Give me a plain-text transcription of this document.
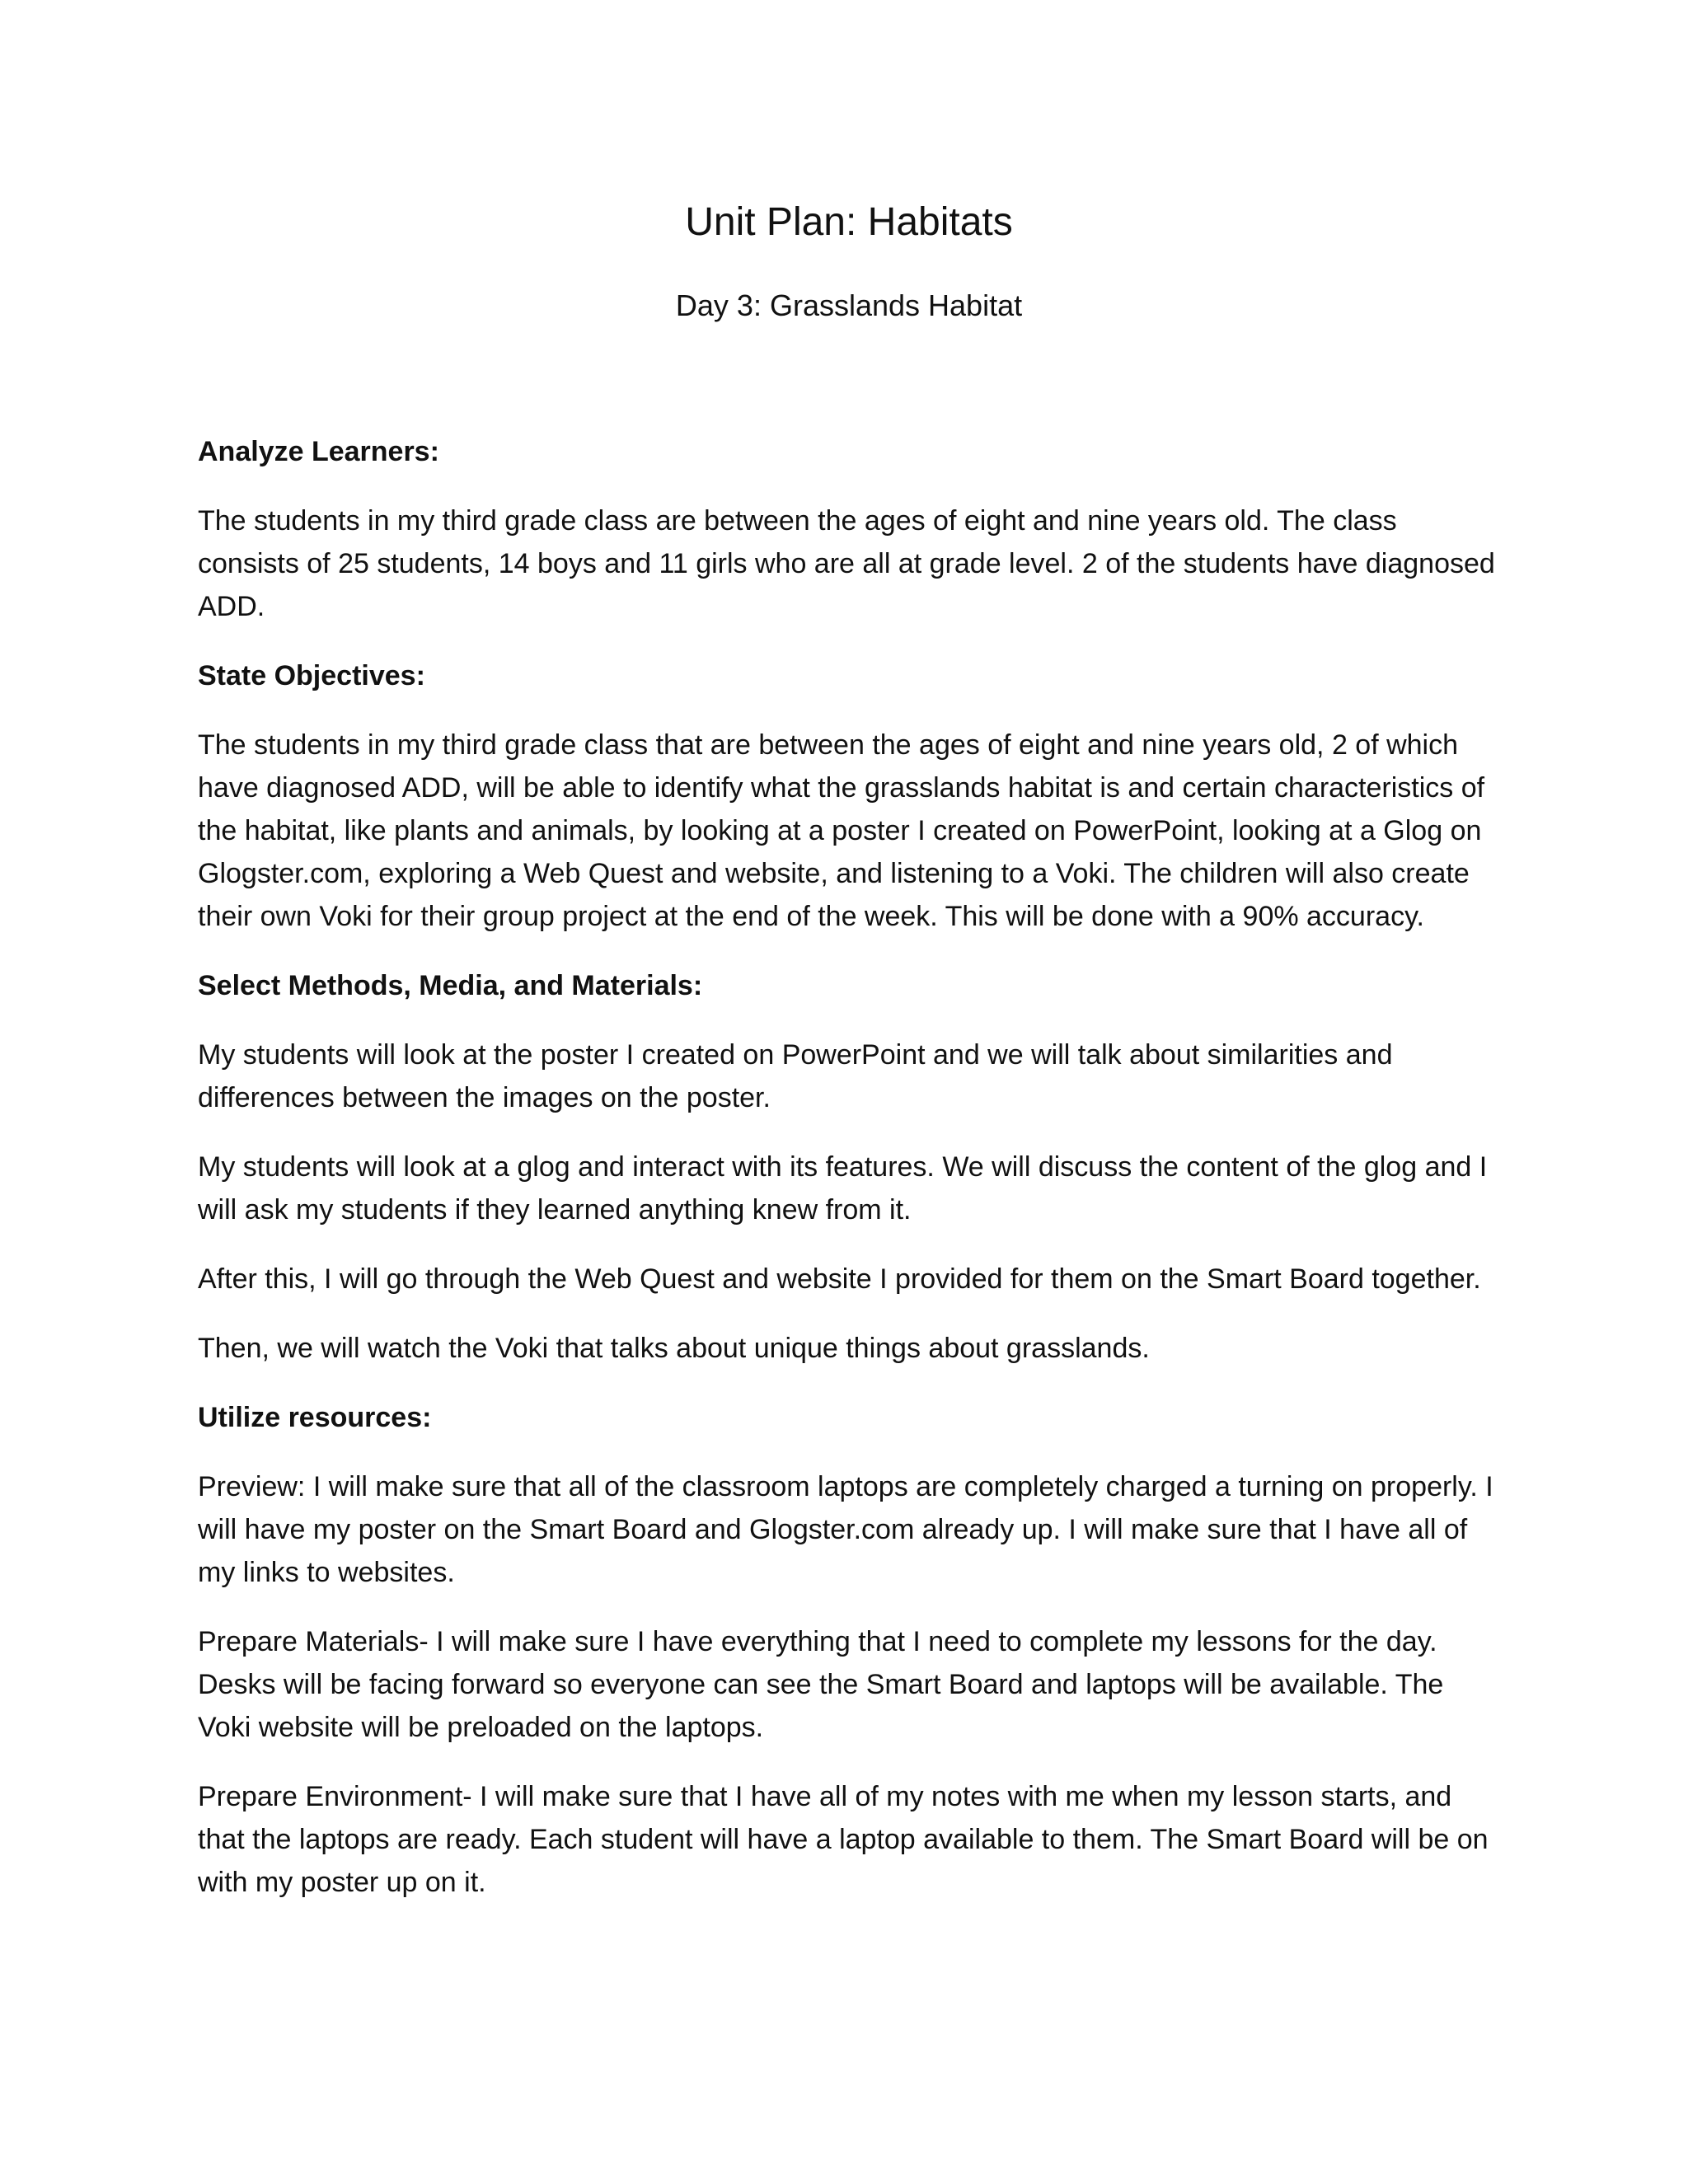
Unit Plan: Habitats
Day 3: Grasslands Habitat

Analyze Learners:

The students in my third grade class are between the ages of eight and nine years old. The class consists of 25 students, 14 boys and 11 girls who are all at grade level. 2 of the students have diagnosed ADD.

State Objectives:

The students in my third grade class that are between the ages of eight and nine years old, 2 of which have diagnosed ADD, will be able to identify what the grasslands habitat is and certain characteristics of the habitat, like plants and animals, by looking at a poster I created on PowerPoint, looking at a Glog on Glogster.com, exploring a Web Quest and website, and listening to a Voki. The children will also create their own Voki for their group project at the end of the week. This will be done with a 90% accuracy.

Select Methods, Media, and Materials:

My students will look at the poster I created on PowerPoint and we will talk about similarities and differences between the images on the poster.

My students will look at a glog and interact with its features. We will discuss the content of the glog and I will ask my students if they learned anything knew from it.

After this, I will go through the Web Quest and website I provided for them on the Smart Board together.

Then, we will watch the Voki that talks about unique things about grasslands.

Utilize resources:

Preview: I will make sure that all of the classroom laptops are completely charged a turning on properly. I will have my poster on the Smart Board and Glogster.com already up. I will make sure that I have all of my links to websites.

Prepare Materials- I will make sure I have everything that I need to complete my lessons for the day. Desks will be facing forward so everyone can see the Smart Board and laptops will be available. The Voki website will be preloaded on the laptops.

Prepare Environment- I will make sure that I have all of my notes with me when my lesson starts, and that the laptops are ready. Each student will have a laptop available to them. The Smart Board will be on with my poster up on it.
